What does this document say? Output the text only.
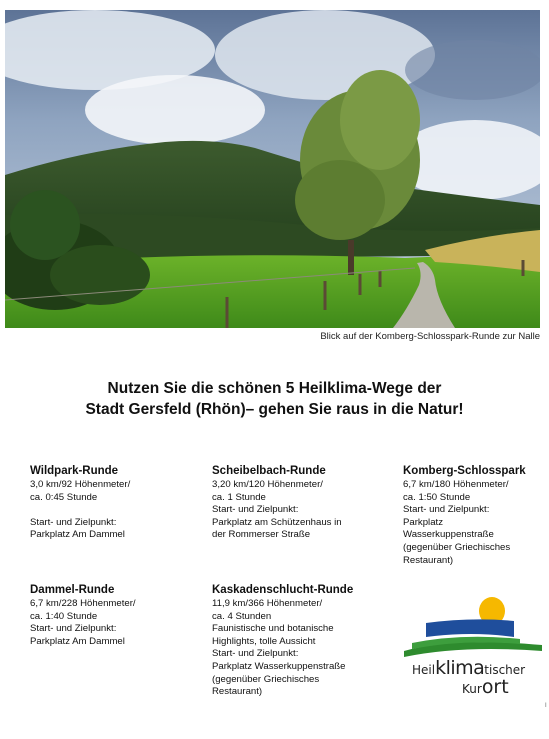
Blick auf der Komberg-Schlosspark-Runde zur Nalle
Nutzen Sie die schönen 5 Heilklima-Wege der
Stadt Gersfeld (Rhön)– gehen Sie raus in die Natur!
Wildpark-Runde
3,0 km/92 Höhenmeter/
ca. 0:45 Stunde
Start- und Zielpunkt:
Parkplatz Am Dammel
Scheibelbach-Runde
3,20 km/120 Höhenmeter/
ca. 1 Stunde
Start- und Zielpunkt:
Parkplatz am Schützenhaus in
der Rommerser Straße
Komberg-Schlosspark
6,7 km/180 Höhenmeter/
ca. 1:50 Stunde
Start- und Zielpunkt:
Parkplatz
Wasserkuppenstraße
(gegenüber Griechisches
Restaurant)
Dammel-Runde
6,7 km/228 Höhenmeter/
ca. 1:40 Stunde
Start- und Zielpunkt:
Parkplatz Am Dammel
Kaskadenschlucht-Runde
11,9 km/366 Höhenmeter/
ca. 4 Stunden
Faunistische und botanische
Highlights, tolle Aussicht
Start- und Zielpunkt:
Parkplatz Wasserkuppenstraße
(gegenüber Griechisches
Restaurant)
Heilklimatischer
Kurort
I
